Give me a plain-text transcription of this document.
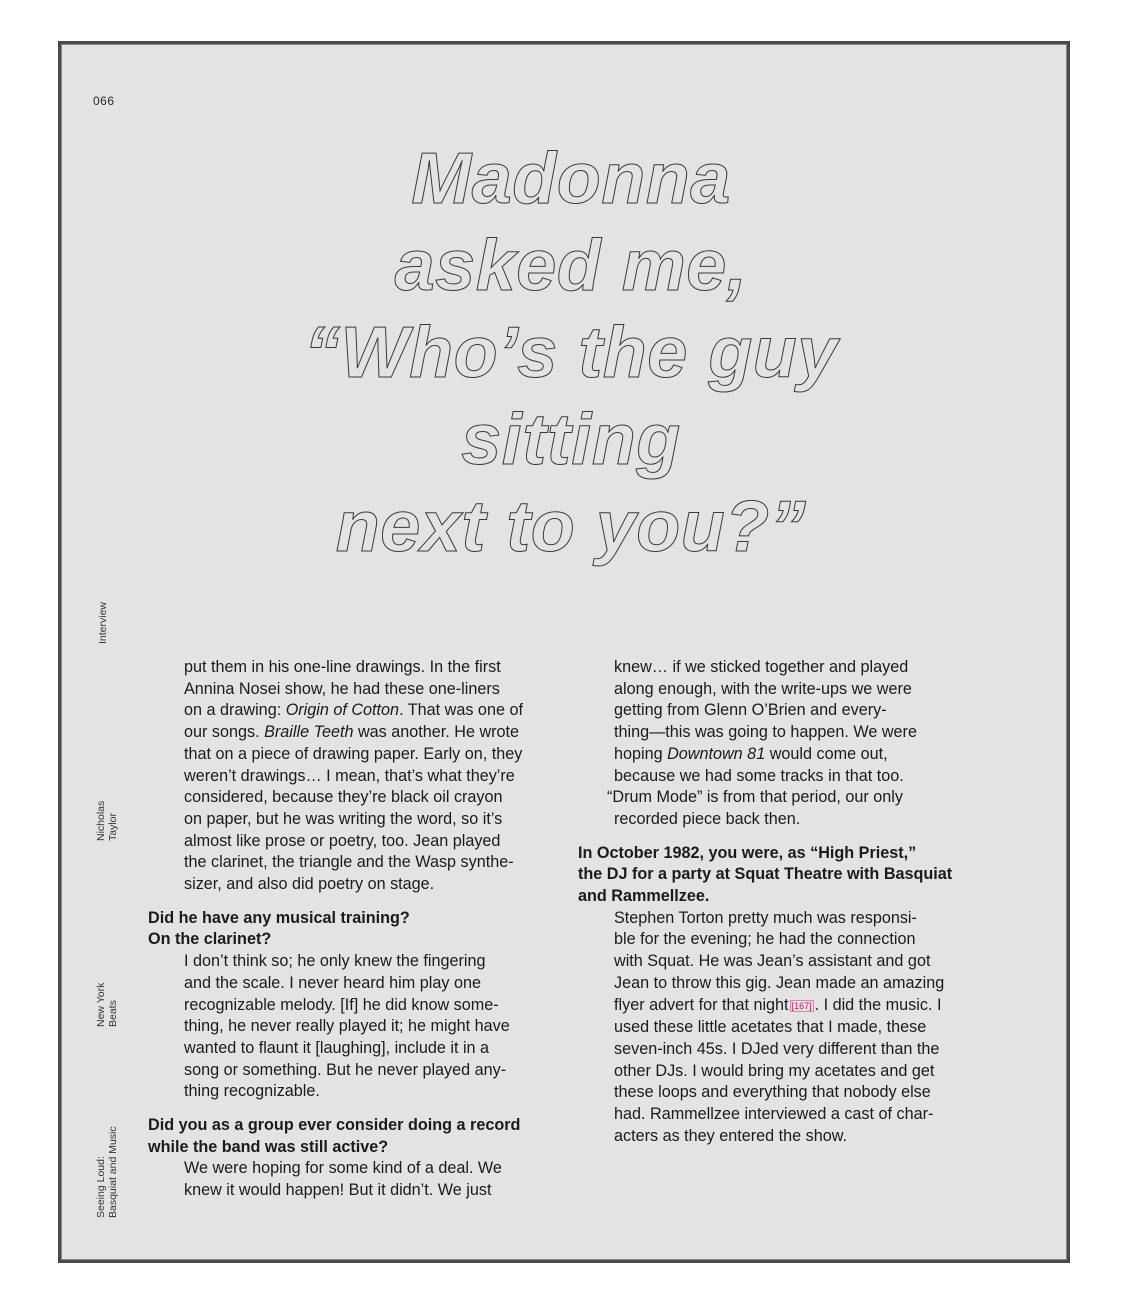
066
Madonna
asked me,
“Who’s the guy
sitting
next to you?”
Interview
Nicholas Taylor
New York Beats
Seeing Loud: Basquiat and Music

put them in his one-line drawings. In the first

Annina Nosei show, he had these one-liners

on a drawing: Origin of Cotton. That was one of

our songs. Braille Teeth was another. He wrote

that on a piece of drawing paper. Early on, they

weren’t drawings… I mean, that’s what they’re

considered, because they’re black oil crayon

on paper, but he was writing the word, so it’s

almost like prose or poetry, too. Jean played

the clarinet, the triangle and the Wasp synthe-

sizer, and also did poetry on stage.

Did he have any musical training?

On the clarinet?

I don’t think so; he only knew the fingering

and the scale. I never heard him play one

recognizable melody. [If] he did know some-

thing, he never really played it; he might have

wanted to flaunt it [laughing], include it in a

song or something. But he never played any-

thing recognizable.

Did you as a group ever consider doing a record

while the band was still active?

We were hoping for some kind of a deal. We

knew it would happen! But it didn’t. We just

knew… if we sticked together and played

along enough, with the write-ups we were

getting from Glenn O’Brien and every-

thing—this was going to happen. We were

hoping Downtown 81 would come out,

because we had some tracks in that too.

“Drum Mode” is from that period, our only

recorded piece back then.

In October 1982, you were, as “High Priest,”

the DJ for a party at Squat Theatre with Basquiat

and Rammellzee.

Stephen Torton pretty much was responsi-

ble for the evening; he had the connection

with Squat. He was Jean’s assistant and got

Jean to throw this gig. Jean made an amazing

flyer advert for that night [167] . I did the music. I

used these little acetates that I made, these

seven-inch 45s. I DJed very different than the

other DJs. I would bring my acetates and get

these loops and everything that nobody else

had. Rammellzee interviewed a cast of char-

acters as they entered the show.
